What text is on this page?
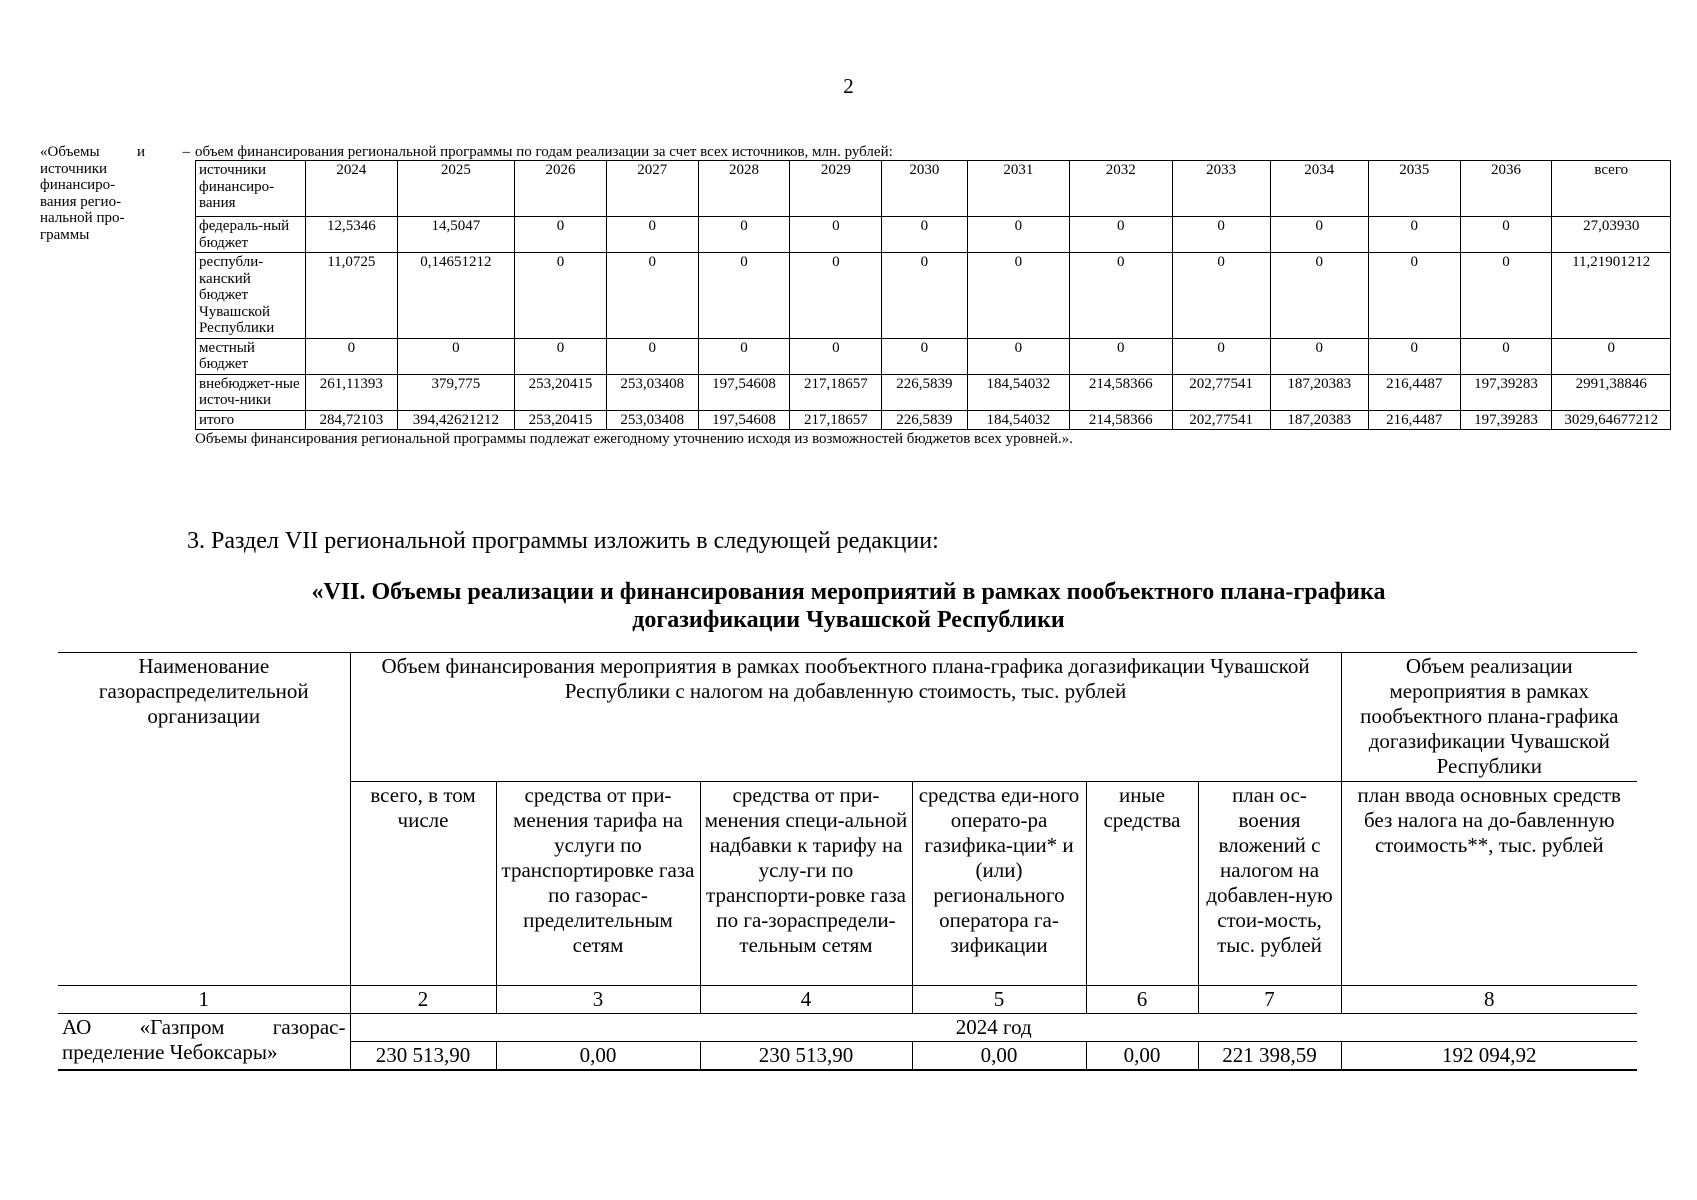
2
«Объемы и –
источники финансиро-вания регио-нальной про-граммы
объем финансирования региональной программы по годам реализации за счет всех источников, млн. рублей:
источники финансиро-вания	2024	2025	2026	2027	2028	2029	2030	2031	2032	2033	2034	2035	2036	всего
федераль-ный бюджет	12,5346	14,5047	0	0	0	0	0	0	0	0	0	0	0	27,03930
республи-канский бюджет Чувашской Республики	11,0725	0,14651212	0	0	0	0	0	0	0	0	0	0	0	11,21901212
местный бюджет	0	0	0	0	0	0	0	0	0	0	0	0	0	0
внебюджет-ные источ-ники	261,11393	379,775	253,20415	253,03408	197,54608	217,18657	226,5839	184,54032	214,58366	202,77541	187,20383	216,4487	197,39283	2991,38846
итого	284,72103	394,42621212	253,20415	253,03408	197,54608	217,18657	226,5839	184,54032	214,58366	202,77541	187,20383	216,4487	197,39283	3029,64677212
Объемы финансирования региональной программы подлежат ежегодному уточнению исходя из возможностей бюджетов всех уровней.».
3. Раздел VII региональной программы изложить в следующей редакции:
«VII. Объемы реализации и финансирования мероприятий в рамках пообъектного плана-графика
догазификации Чувашской Республики
Наименование газораспределительной организации	Объем финансирования мероприятия в рамках пообъектного плана-графика догазификации Чувашской Республики с налогом на добавленную стоимость, тыс. рублей						Объем реализации мероприятия в рамках пообъектного плана-графика догазификации Чувашской Республики
	всего, в том числе	средства от при-менения тарифа на услуги по транспортировке газа по газорас-пределительным сетям	средства от при-менения специ-альной надбавки к тарифу на услу-ги по транспорти-ровке газа по га-зораспредели-тельным сетям	средства еди-ного операто-ра газифика-ции* и (или) регионального оператора га-зификации	иные средства	план ос-воения вложений с налогом на добавлен-ную стои-мость, тыс. рублей	план ввода основных средств без налога на до-бавленную стоимость**, тыс. рублей
1	2	3	4	5	6	7	8

АО «Газпром газорас-
пределение Чебоксары»	2024 год						
	230 513,90	0,00	230 513,90	0,00	0,00	221 398,59	192 094,92
